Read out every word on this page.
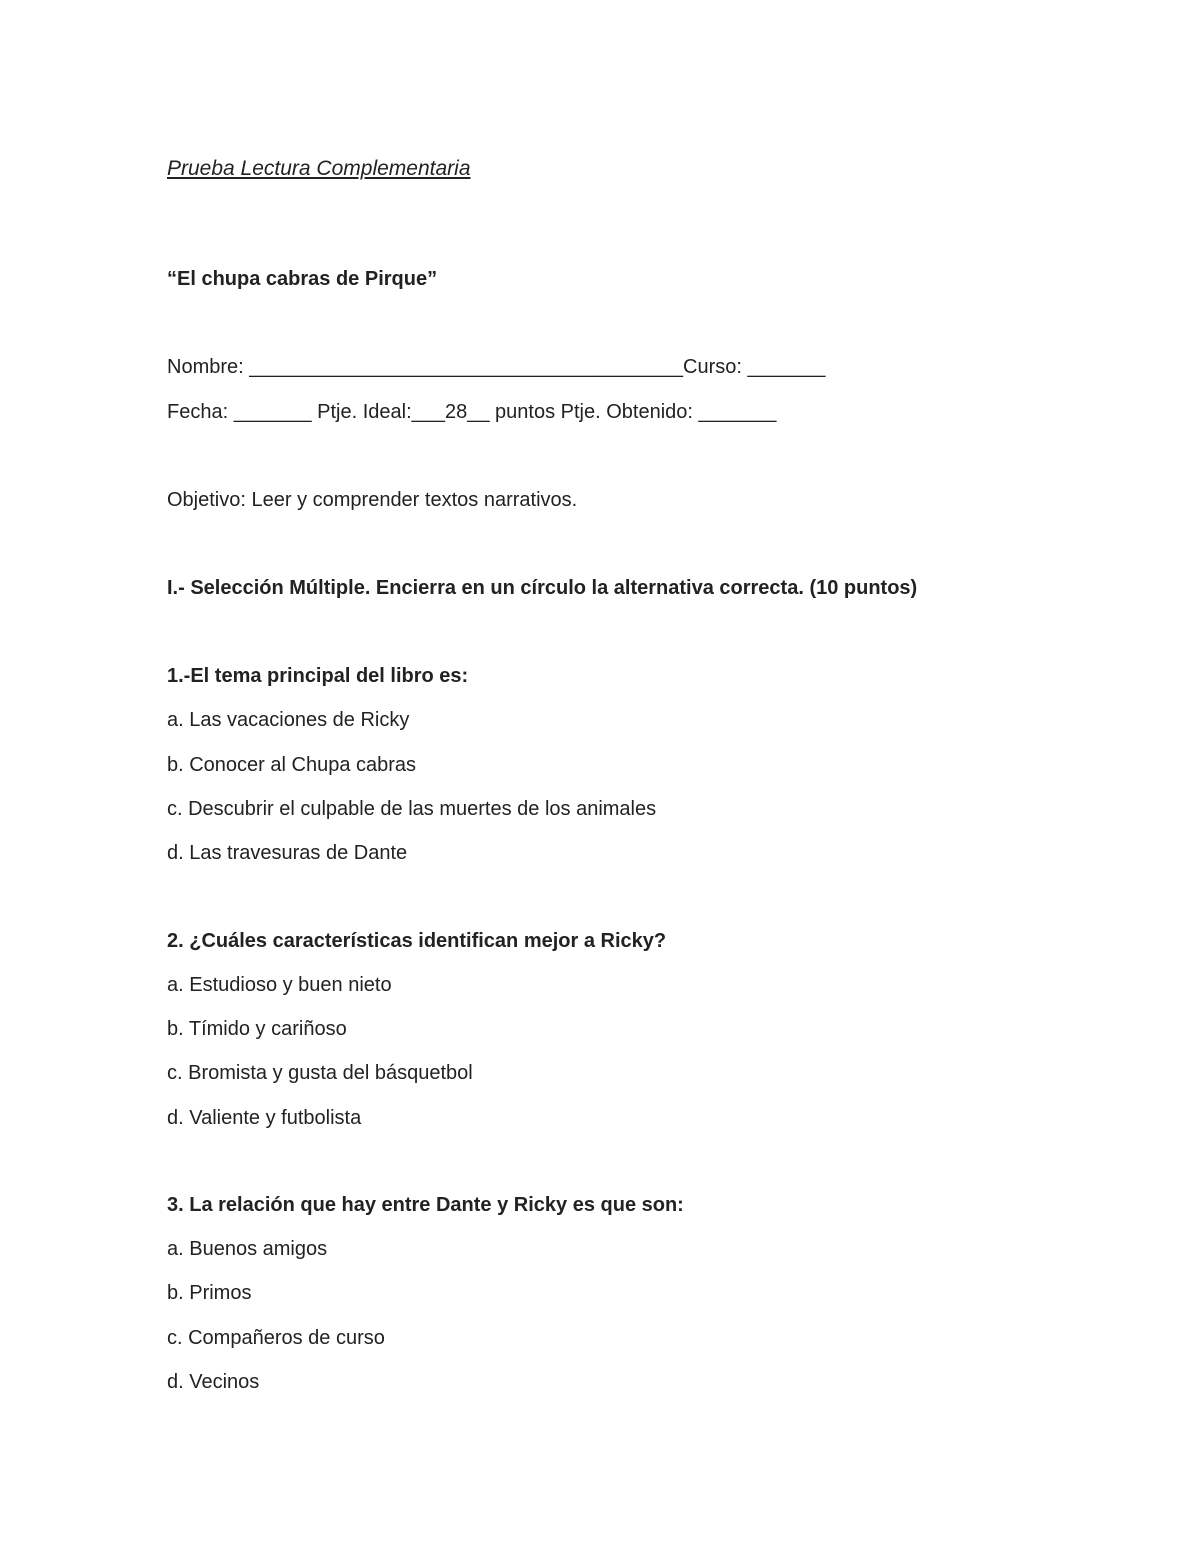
Prueba Lectura Complementaria
“El chupa cabras de Pirque”
Nombre: _______________________________________Curso: _______
Fecha: _______ Ptje. Ideal:___28__ puntos Ptje. Obtenido: _______
Objetivo: Leer y comprender textos narrativos.
I.- Selección Múltiple. Encierra en un círculo la alternativa correcta. (10 puntos)
1.-El tema principal del libro es:
a. Las vacaciones de Ricky
b. Conocer al Chupa cabras
c. Descubrir el culpable de las muertes de los animales
d. Las travesuras de Dante
2. ¿Cuáles características identifican mejor a Ricky?
a. Estudioso y buen nieto
b. Tímido y cariñoso
c. Bromista y gusta del básquetbol
d. Valiente y futbolista
3. La relación que hay entre Dante y Ricky es que son:
a. Buenos amigos
b. Primos
c. Compañeros de curso
d. Vecinos
